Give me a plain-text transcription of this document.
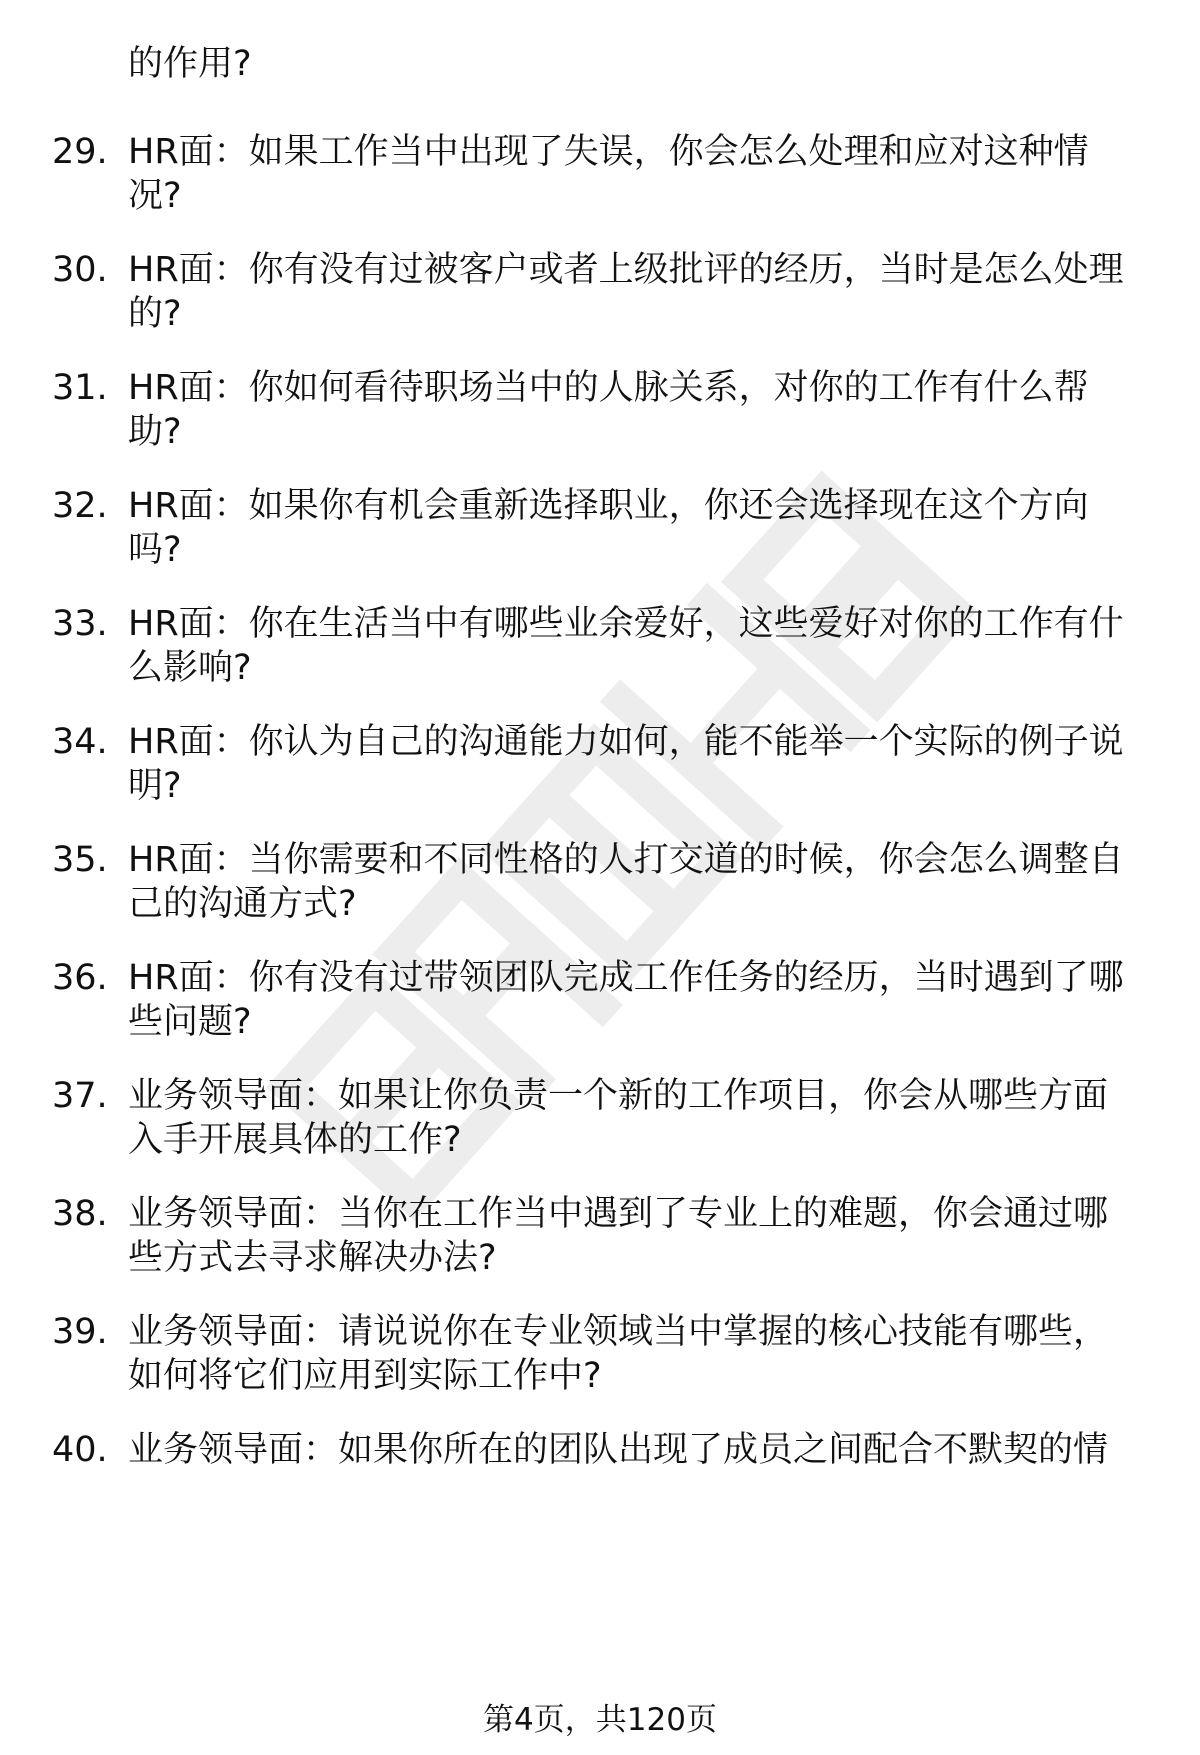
的作用?
29. HR面：如果工作当中出现了失误，你会怎么处理和应对这种情
况?
30. HR面：你有没有过被客户或者上级批评的经历，当时是怎么处理
的?
31. HR面：你如何看待职场当中的人脉关系，对你的工作有什么帮
助?
32. HR面：如果你有机会重新选择职业，你还会选择现在这个方向
吗?
33. HR面：你在生活当中有哪些业余爱好，这些爱好对你的工作有什
么影响?
34. HR面：你认为自己的沟通能力如何，能不能举一个实际的例子说
明?
35. HR面：当你需要和不同性格的人打交道的时候，你会怎么调整自
己的沟通方式?
36. HR面：你有没有过带领团队完成工作任务的经历，当时遇到了哪
些问题?
37. 业务领导面：如果让你负责一个新的工作项目，你会从哪些方面
入手开展具体的工作?
38. 业务领导面：当你在工作当中遇到了专业上的难题，你会通过哪
些方式去寻求解决办法?
39. 业务领导面：请说说你在专业领域当中掌握的核心技能有哪些，
如何将它们应用到实际工作中?
40. 业务领导面：如果你所在的团队出现了成员之间配合不默契的情
第4页，共120页
